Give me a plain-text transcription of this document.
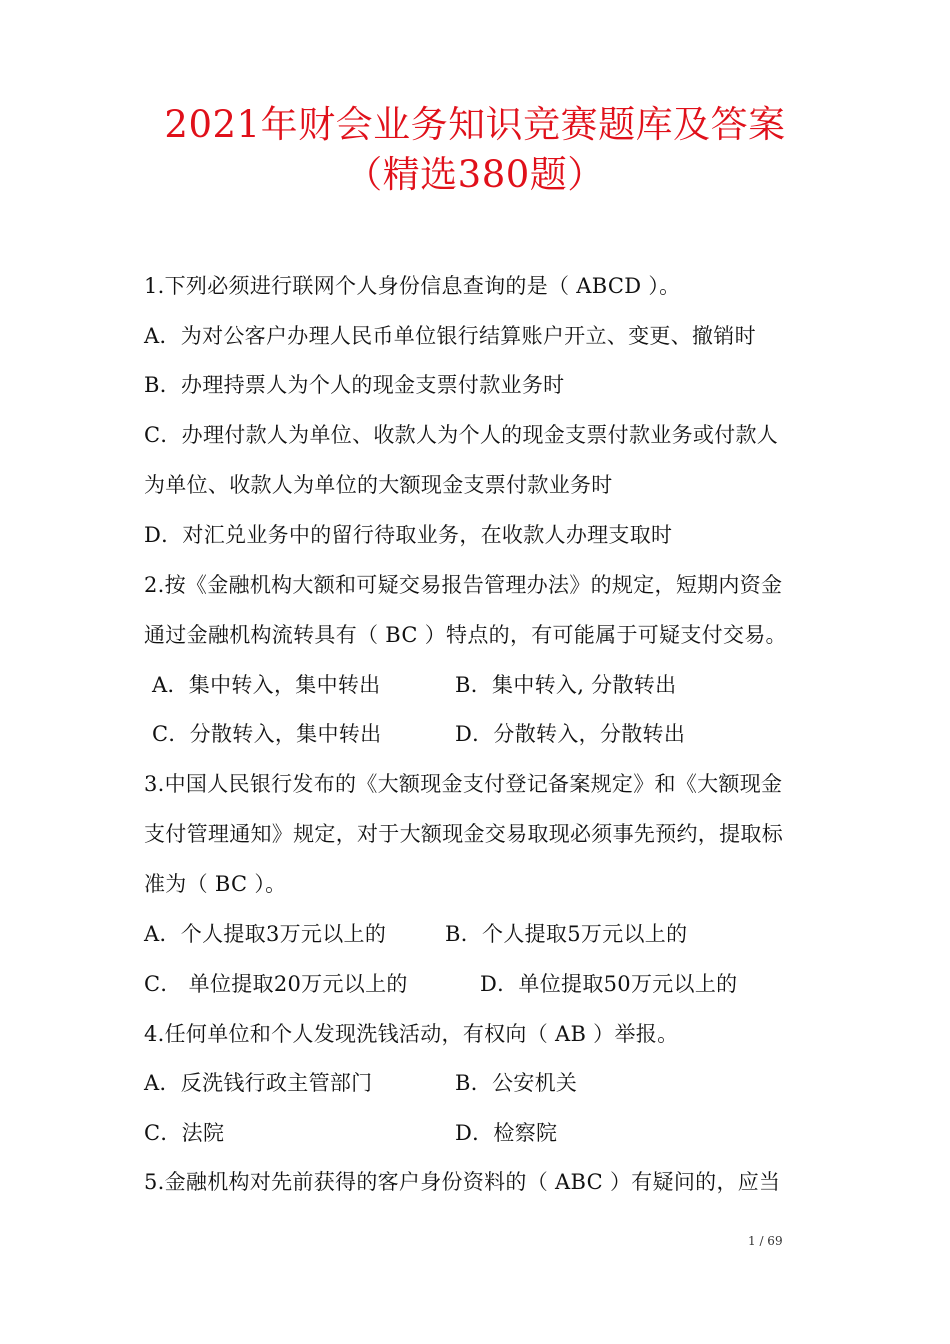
2021年财会业务知识竞赛题库及答案
（精选380题）
1.下列必须进行联网个人身份信息查询的是（ ABCD ）。
A．为对公客户办理人民币单位银行结算账户开立、变更、撤销时
B．办理持票人为个人的现金支票付款业务时
C．办理付款人为单位、收款人为个人的现金支票付款业务或付款人
为单位、收款人为单位的大额现金支票付款业务时
D．对汇兑业务中的留行待取业务，在收款人办理支取时
2.按《金融机构大额和可疑交易报告管理办法》的规定，短期内资金
通过金融机构流转具有（ BC ）特点的，有可能属于可疑支付交易。
A．集中转入，集中转出	B．集中转入, 分散转出
C．分散转入，集中转出	D．分散转入，分散转出
3.中国人民银行发布的《大额现金支付登记备案规定》和《大额现金
支付管理通知》规定，对于大额现金交易取现必须事先预约，提取标
准为（ BC ）。
A．个人提取3万元以上的	B．个人提取5万元以上的
C． 单位提取20万元以上的	D．单位提取50万元以上的
4.任何单位和个人发现洗钱活动，有权向（ AB ）举报。
A．反洗钱行政主管部门	B．公安机关
C．法院	D．检察院
5.金融机构对先前获得的客户身份资料的（ ABC ）有疑问的，应当
1 / 69
